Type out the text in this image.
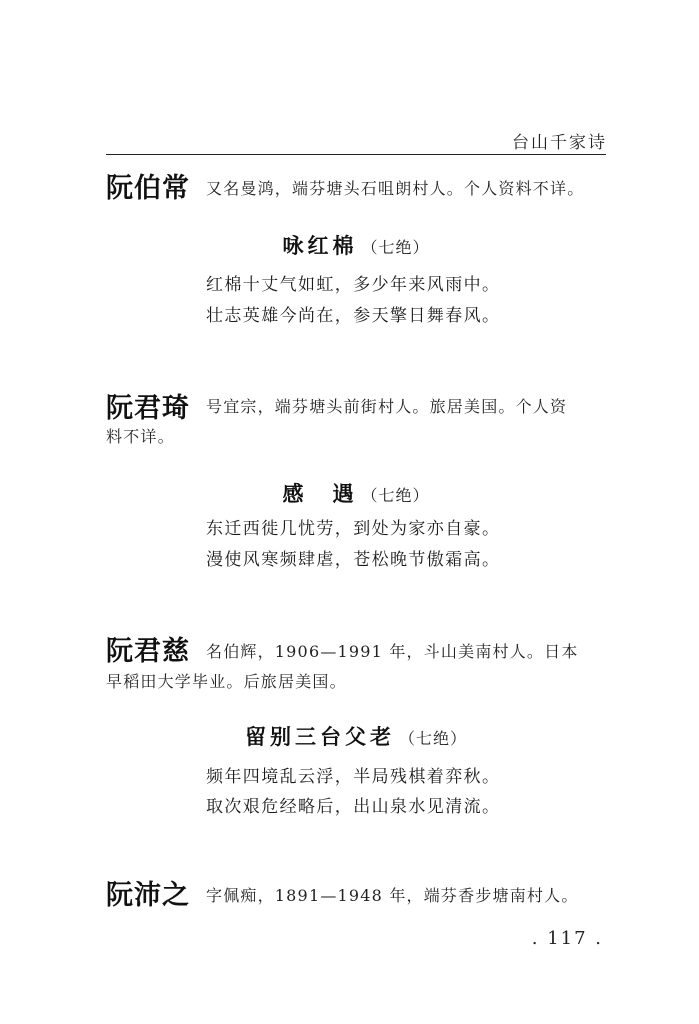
台山千家诗
阮伯常 又名曼鸿，端芬塘头石咀朗村人。个人资料不详。
咏红棉 （七绝）
红棉十丈气如虹，多少年来风雨中。
壮志英雄今尚在，参天擎日舞春风。
阮君琦 号宜宗，端芬塘头前街村人。旅居美国。个人资
料不详。
感　遇 （七绝）
东迁西徙几忧劳，到处为家亦自豪。
漫使风寒频肆虐，苍松晚节傲霜高。
阮君慈 名伯辉，1906—1991 年，斗山美南村人。日本
早稻田大学毕业。后旅居美国。
留别三台父老 （七绝）
频年四境乱云浮，半局残棋着弈秋。
取次艰危经略后，出山泉水见清流。
阮沛之 字佩痴，1891—1948 年，端芬香步塘南村人。
. 117 .
